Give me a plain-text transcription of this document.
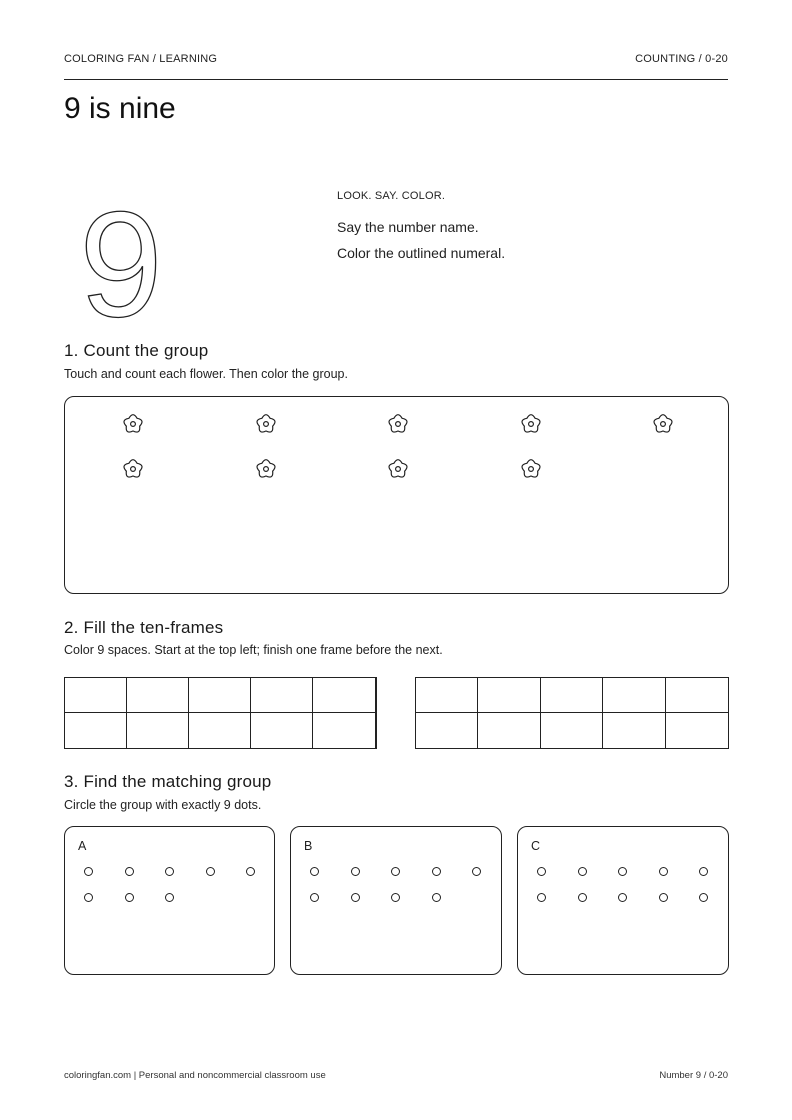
COLORING FAN / LEARNING	COUNTING / 0-20
9 is nine
9	LOOK. SAY. COLOR.
Say the number name.
Color the outlined numeral.
1. Count the group
Touch and count each flower. Then color the group.
2. Fill the ten-frames
Color 9 spaces. Start at the top left; finish one frame before the next.
3. Find the matching group
Circle the group with exactly 9 dots.
A	B	C
coloringfan.com | Personal and noncommercial classroom use	Number 9 / 0-20
